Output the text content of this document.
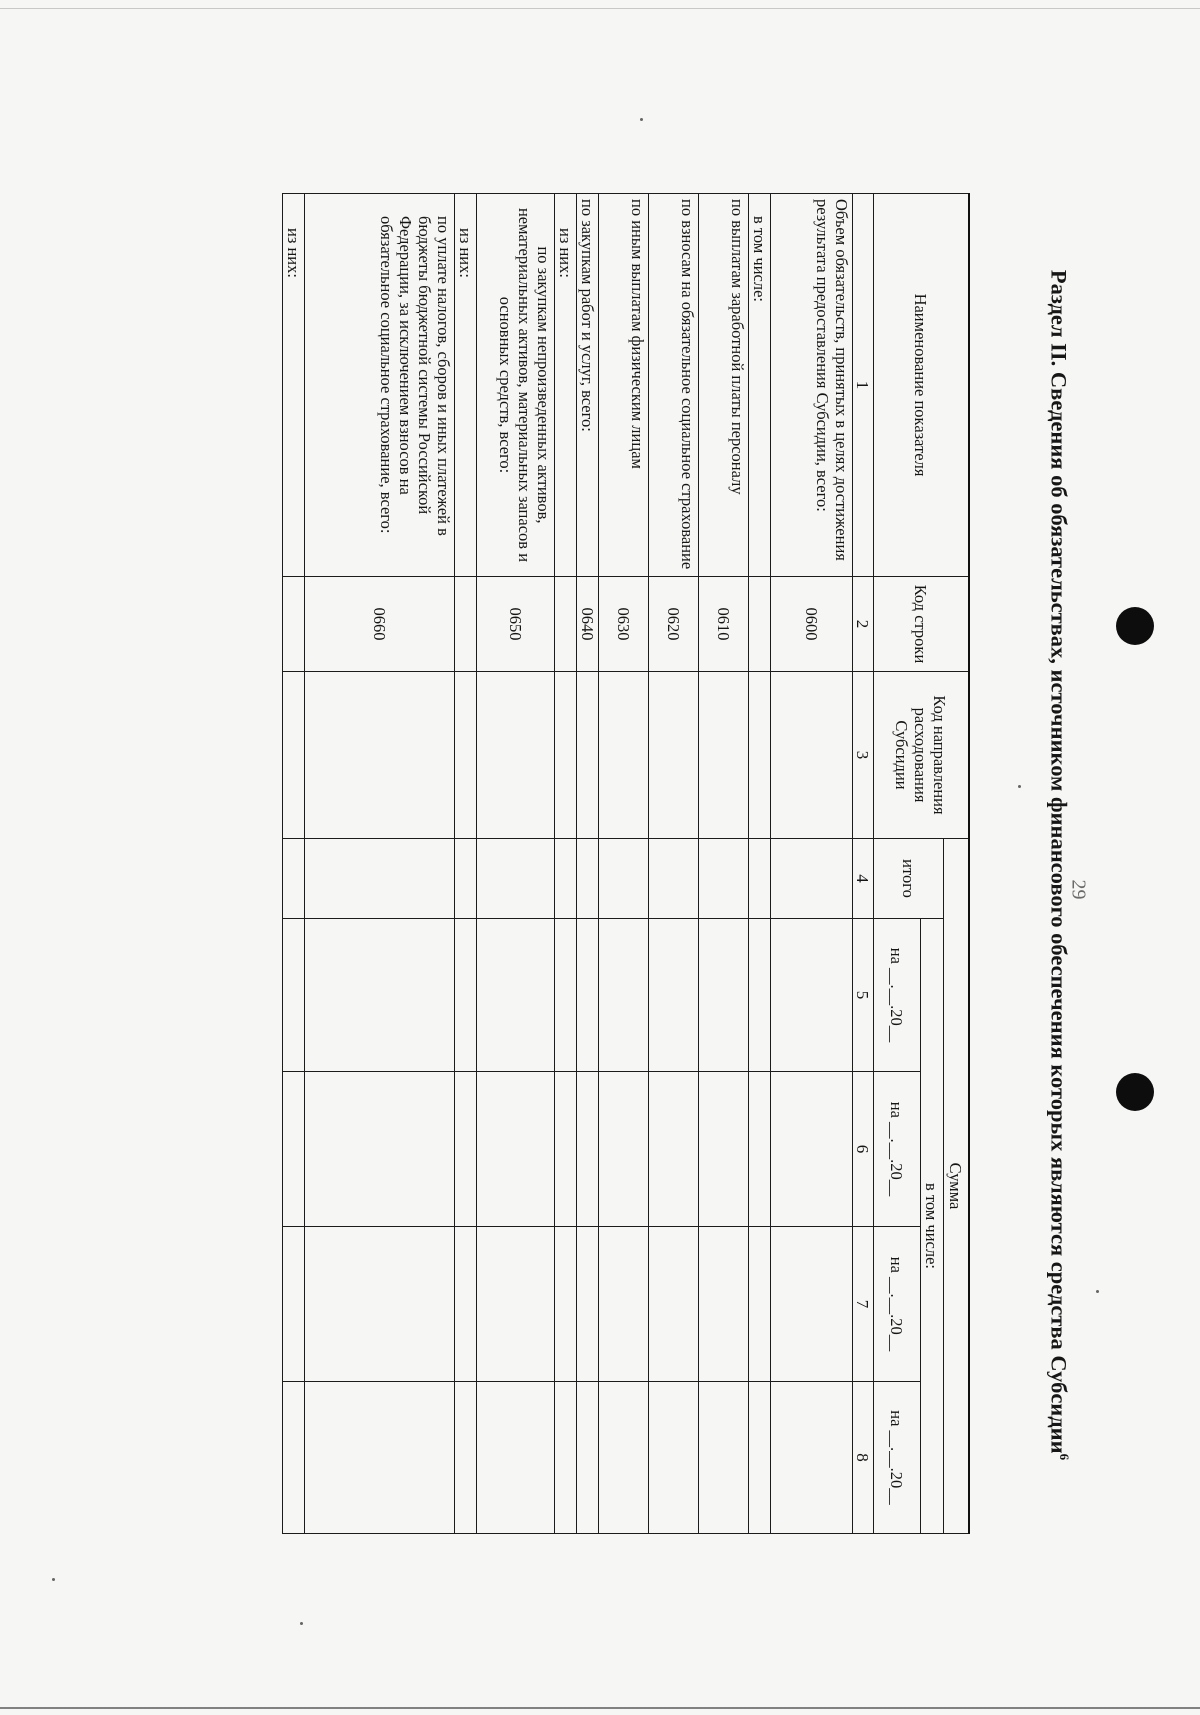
29
Раздел II. Сведения об обязательствах, источником финансового обеспечения которых являются средства Субсидии$^6$
Наименование показателя	Код строки	Код направления расходования Субсидии	Сумма				
			итого	в том числе:			
				на __.__.20__	на __.__.20__	на __.__.20__	на __.__.20__
1	2	3	4	5	6	7	8
Объем обязательств, принятых в целях достижения результата предоставления Субсидии, всего:	0600						
в том числе:							
по выплатам заработной платы персоналу	0610						
по взносам на обязательное социальное страхование	0620						
по иным выплатам физическим лицам	0630						
по закупкам работ и услуг, всего:	0640						
из них:							
по закупкам непроизведенных активов, нематериальных активов, материальных запасов и основных средств, всего:	0650						
из них:							
по уплате налогов, сборов и иных платежей в бюджеты бюджетной системы Российской Федерации, за исключением взносов на обязательное социальное страхование, всего:	0660						
из них:							
